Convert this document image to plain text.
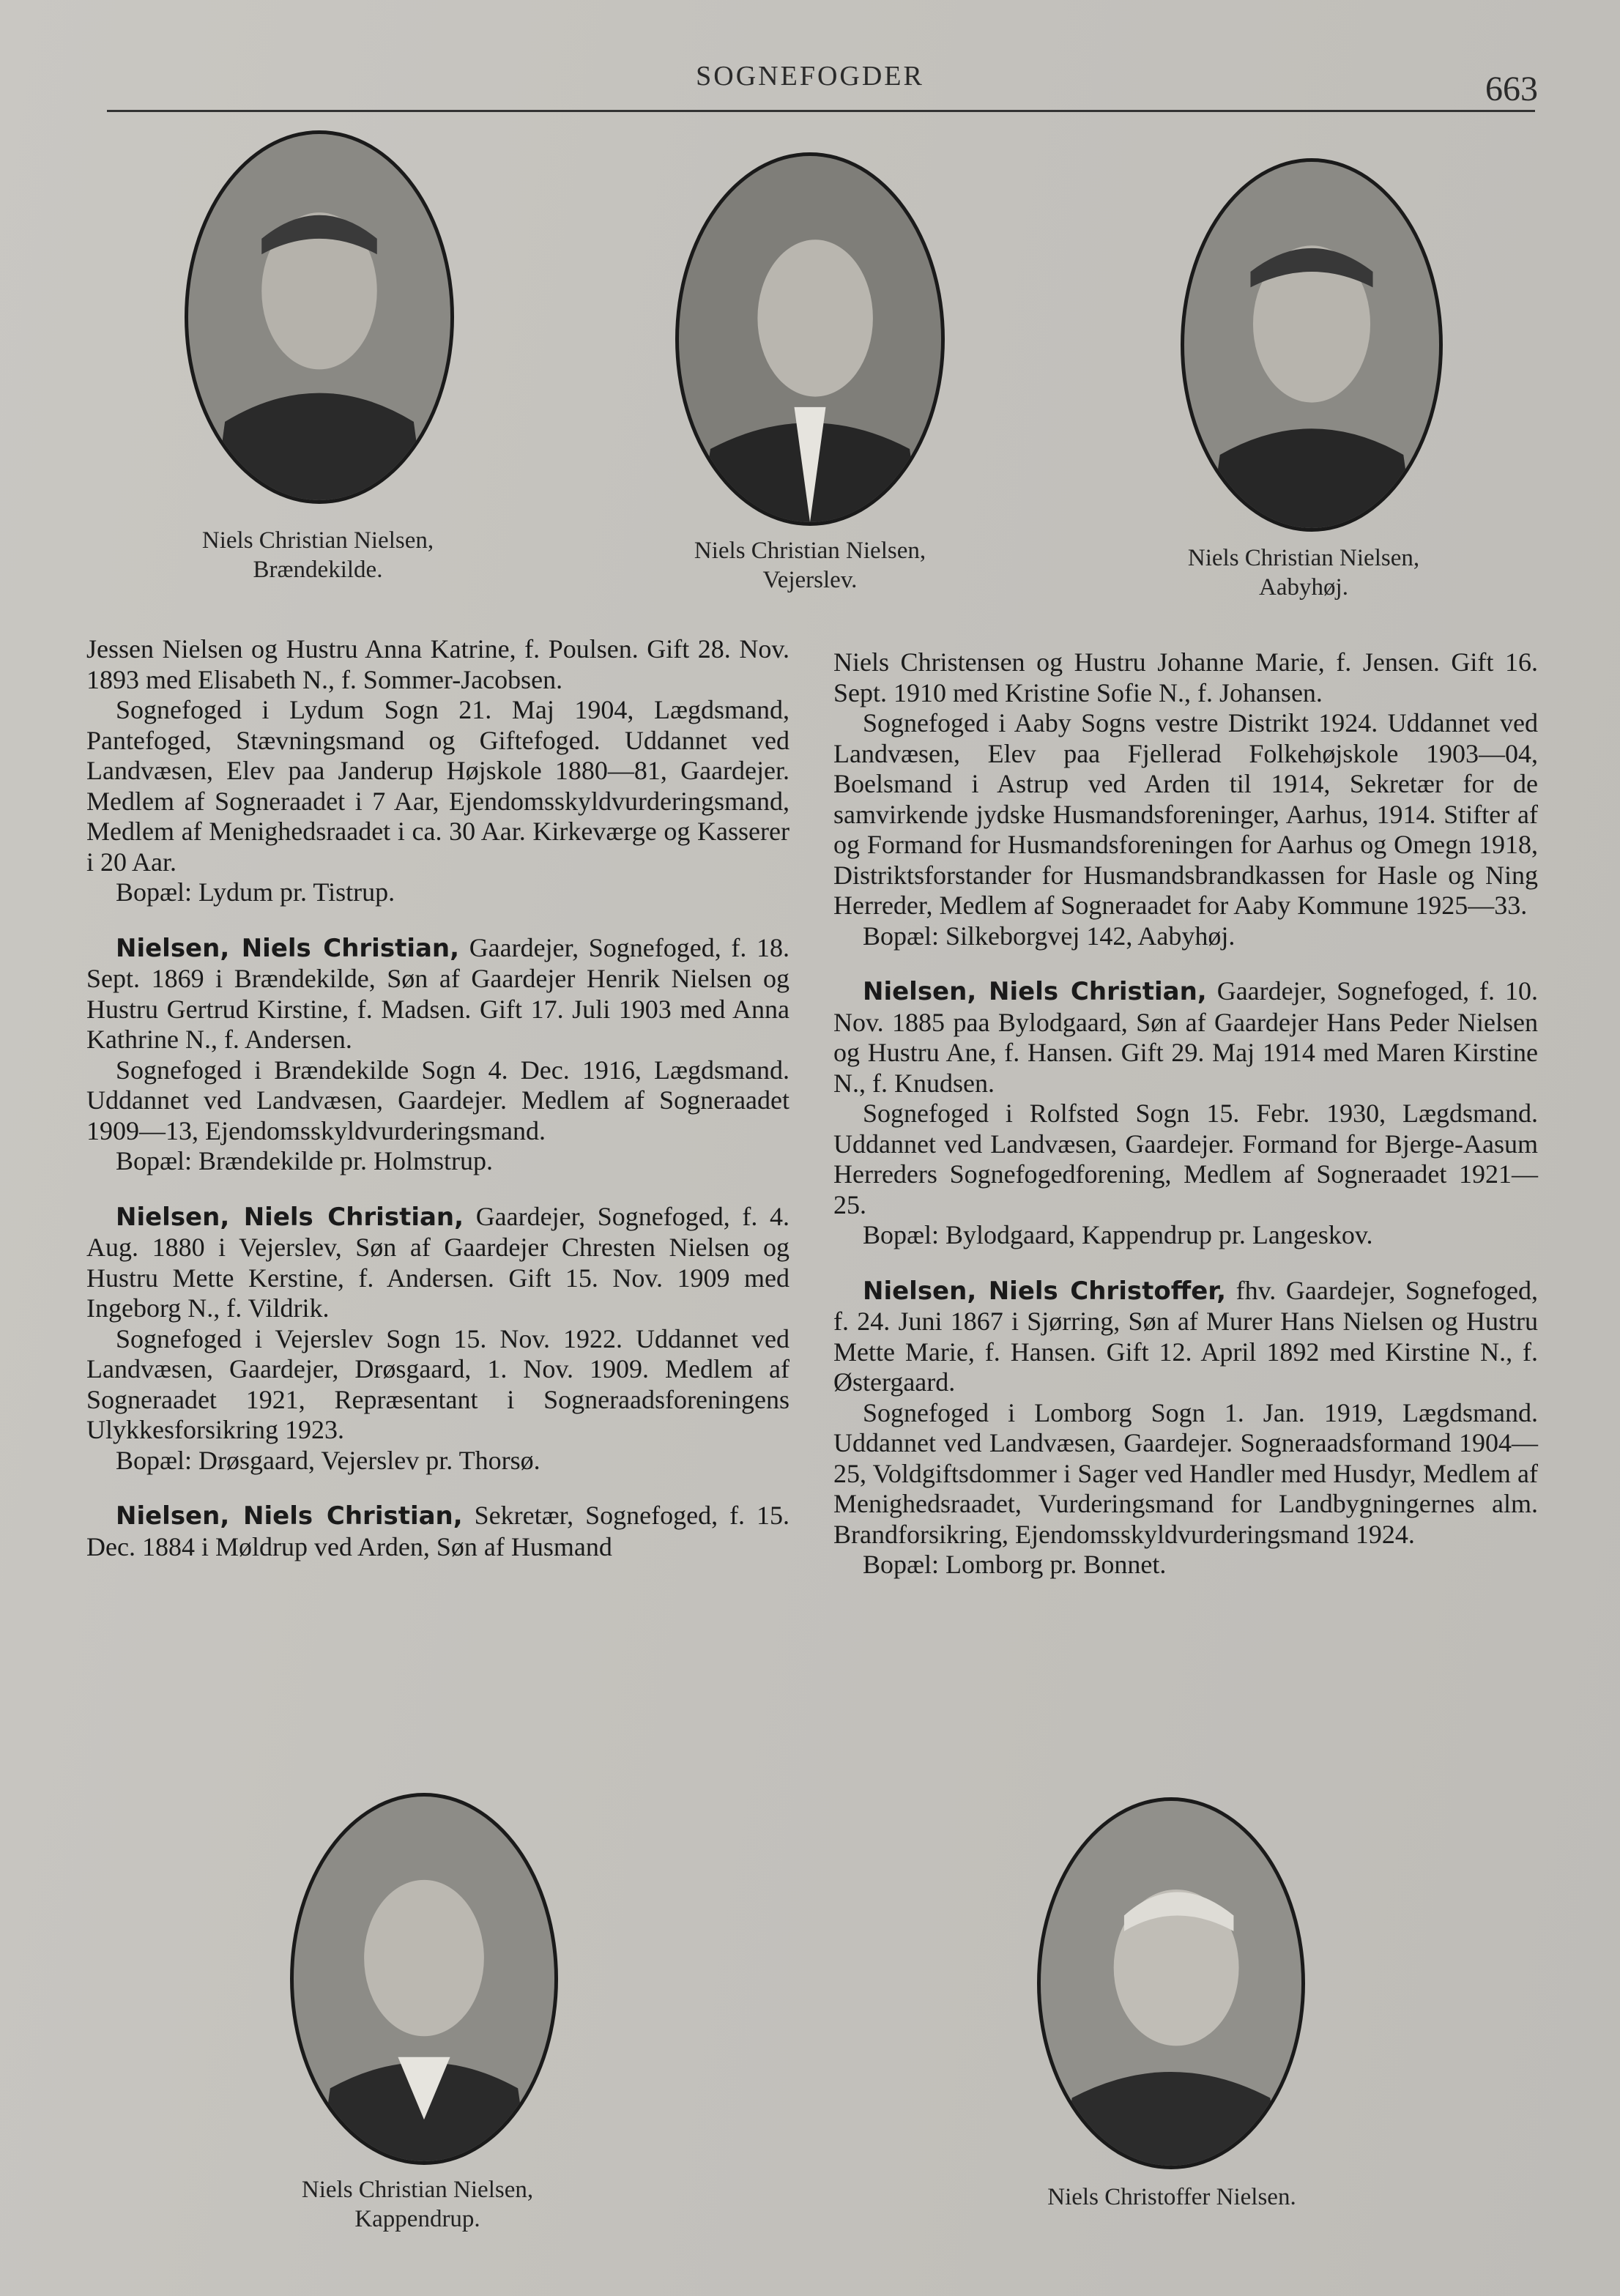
SOGNEFOGDER	663
Niels Christian Nielsen,
Brændekilde.
Niels Christian Nielsen,
Vejerslev.
Niels Christian Nielsen,
Aabyhøj.

Jessen Nielsen og Hustru Anna Katrine, f. Poulsen. Gift 28. Nov. 1893 med Elisabeth N., f. Sommer-Jacobsen.

Sognefoged i Lydum Sogn 21. Maj 1904, Lægdsmand, Pantefoged, Stævningsmand og Giftefoged. Uddannet ved Landvæsen, Elev paa Janderup Højskole 1880—81, Gaardejer. Medlem af Sogneraadet i 7 Aar, Ejendomsskyldvurderingsmand, Medlem af Menighedsraadet i ca. 30 Aar. Kirkeværge og Kasserer i 20 Aar.

Bopæl: Lydum pr. Tistrup.

Nielsen, Niels Christian, Gaardejer, Sognefoged, f. 18. Sept. 1869 i Brændekilde, Søn af Gaardejer Henrik Nielsen og Hustru Gertrud Kirstine, f. Madsen. Gift 17. Juli 1903 med Anna Kathrine N., f. Andersen.

Sognefoged i Brændekilde Sogn 4. Dec. 1916, Lægdsmand. Uddannet ved Landvæsen, Gaardejer. Medlem af Sogneraadet 1909—13, Ejendomsskyldvurderingsmand.

Bopæl: Brændekilde pr. Holmstrup.

Nielsen, Niels Christian, Gaardejer, Sognefoged, f. 4. Aug. 1880 i Vejerslev, Søn af Gaardejer Chresten Nielsen og Hustru Mette Kerstine, f. Andersen. Gift 15. Nov. 1909 med Ingeborg N., f. Vildrik.

Sognefoged i Vejerslev Sogn 15. Nov. 1922. Uddannet ved Landvæsen, Gaardejer, Drøsgaard, 1. Nov. 1909. Medlem af Sogneraadet 1921, Repræsentant i Sogneraadsforeningens Ulykkesforsikring 1923.

Bopæl: Drøsgaard, Vejerslev pr. Thorsø.

Nielsen, Niels Christian, Sekretær, Sognefoged, f. 15. Dec. 1884 i Møldrup ved Arden, Søn af Husmand

Niels Christensen og Hustru Johanne Marie, f. Jensen. Gift 16. Sept. 1910 med Kristine Sofie N., f. Johansen.

Sognefoged i Aaby Sogns vestre Distrikt 1924. Uddannet ved Landvæsen, Elev paa Fjellerad Folkehøjskole 1903—04, Boelsmand i Astrup ved Arden til 1914, Sekretær for de samvirkende jydske Husmandsforeninger, Aarhus, 1914. Stifter af og Formand for Husmandsforeningen for Aarhus og Omegn 1918, Distriktsforstander for Husmandsbrandkassen for Hasle og Ning Herreder, Medlem af Sogneraadet for Aaby Kommune 1925—33.

Bopæl: Silkeborgvej 142, Aabyhøj.

Nielsen, Niels Christian, Gaardejer, Sognefoged, f. 10. Nov. 1885 paa Bylodgaard, Søn af Gaardejer Hans Peder Nielsen og Hustru Ane, f. Hansen. Gift 29. Maj 1914 med Maren Kirstine N., f. Knudsen.

Sognefoged i Rolfsted Sogn 15. Febr. 1930, Lægdsmand. Uddannet ved Landvæsen, Gaardejer. Formand for Bjerge-Aasum Herreders Sognefogedforening, Medlem af Sogneraadet 1921—25.

Bopæl: Bylodgaard, Kappendrup pr. Langeskov.

Nielsen, Niels Christoffer, fhv. Gaardejer, Sognefoged, f. 24. Juni 1867 i Sjørring, Søn af Murer Hans Nielsen og Hustru Mette Marie, f. Hansen. Gift 12. April 1892 med Kirstine N., f. Østergaard.

Sognefoged i Lomborg Sogn 1. Jan. 1919, Lægdsmand. Uddannet ved Landvæsen, Gaardejer. Sogneraadsformand 1904—25, Voldgiftsdommer i Sager ved Handler med Husdyr, Medlem af Menighedsraadet, Vurderingsmand for Landbygningernes alm. Brandforsikring, Ejendomsskyldvurderingsmand 1924.

Bopæl: Lomborg pr. Bonnet.

Niels Christian Nielsen,
Kappendrup.
Niels Christoffer Nielsen.
